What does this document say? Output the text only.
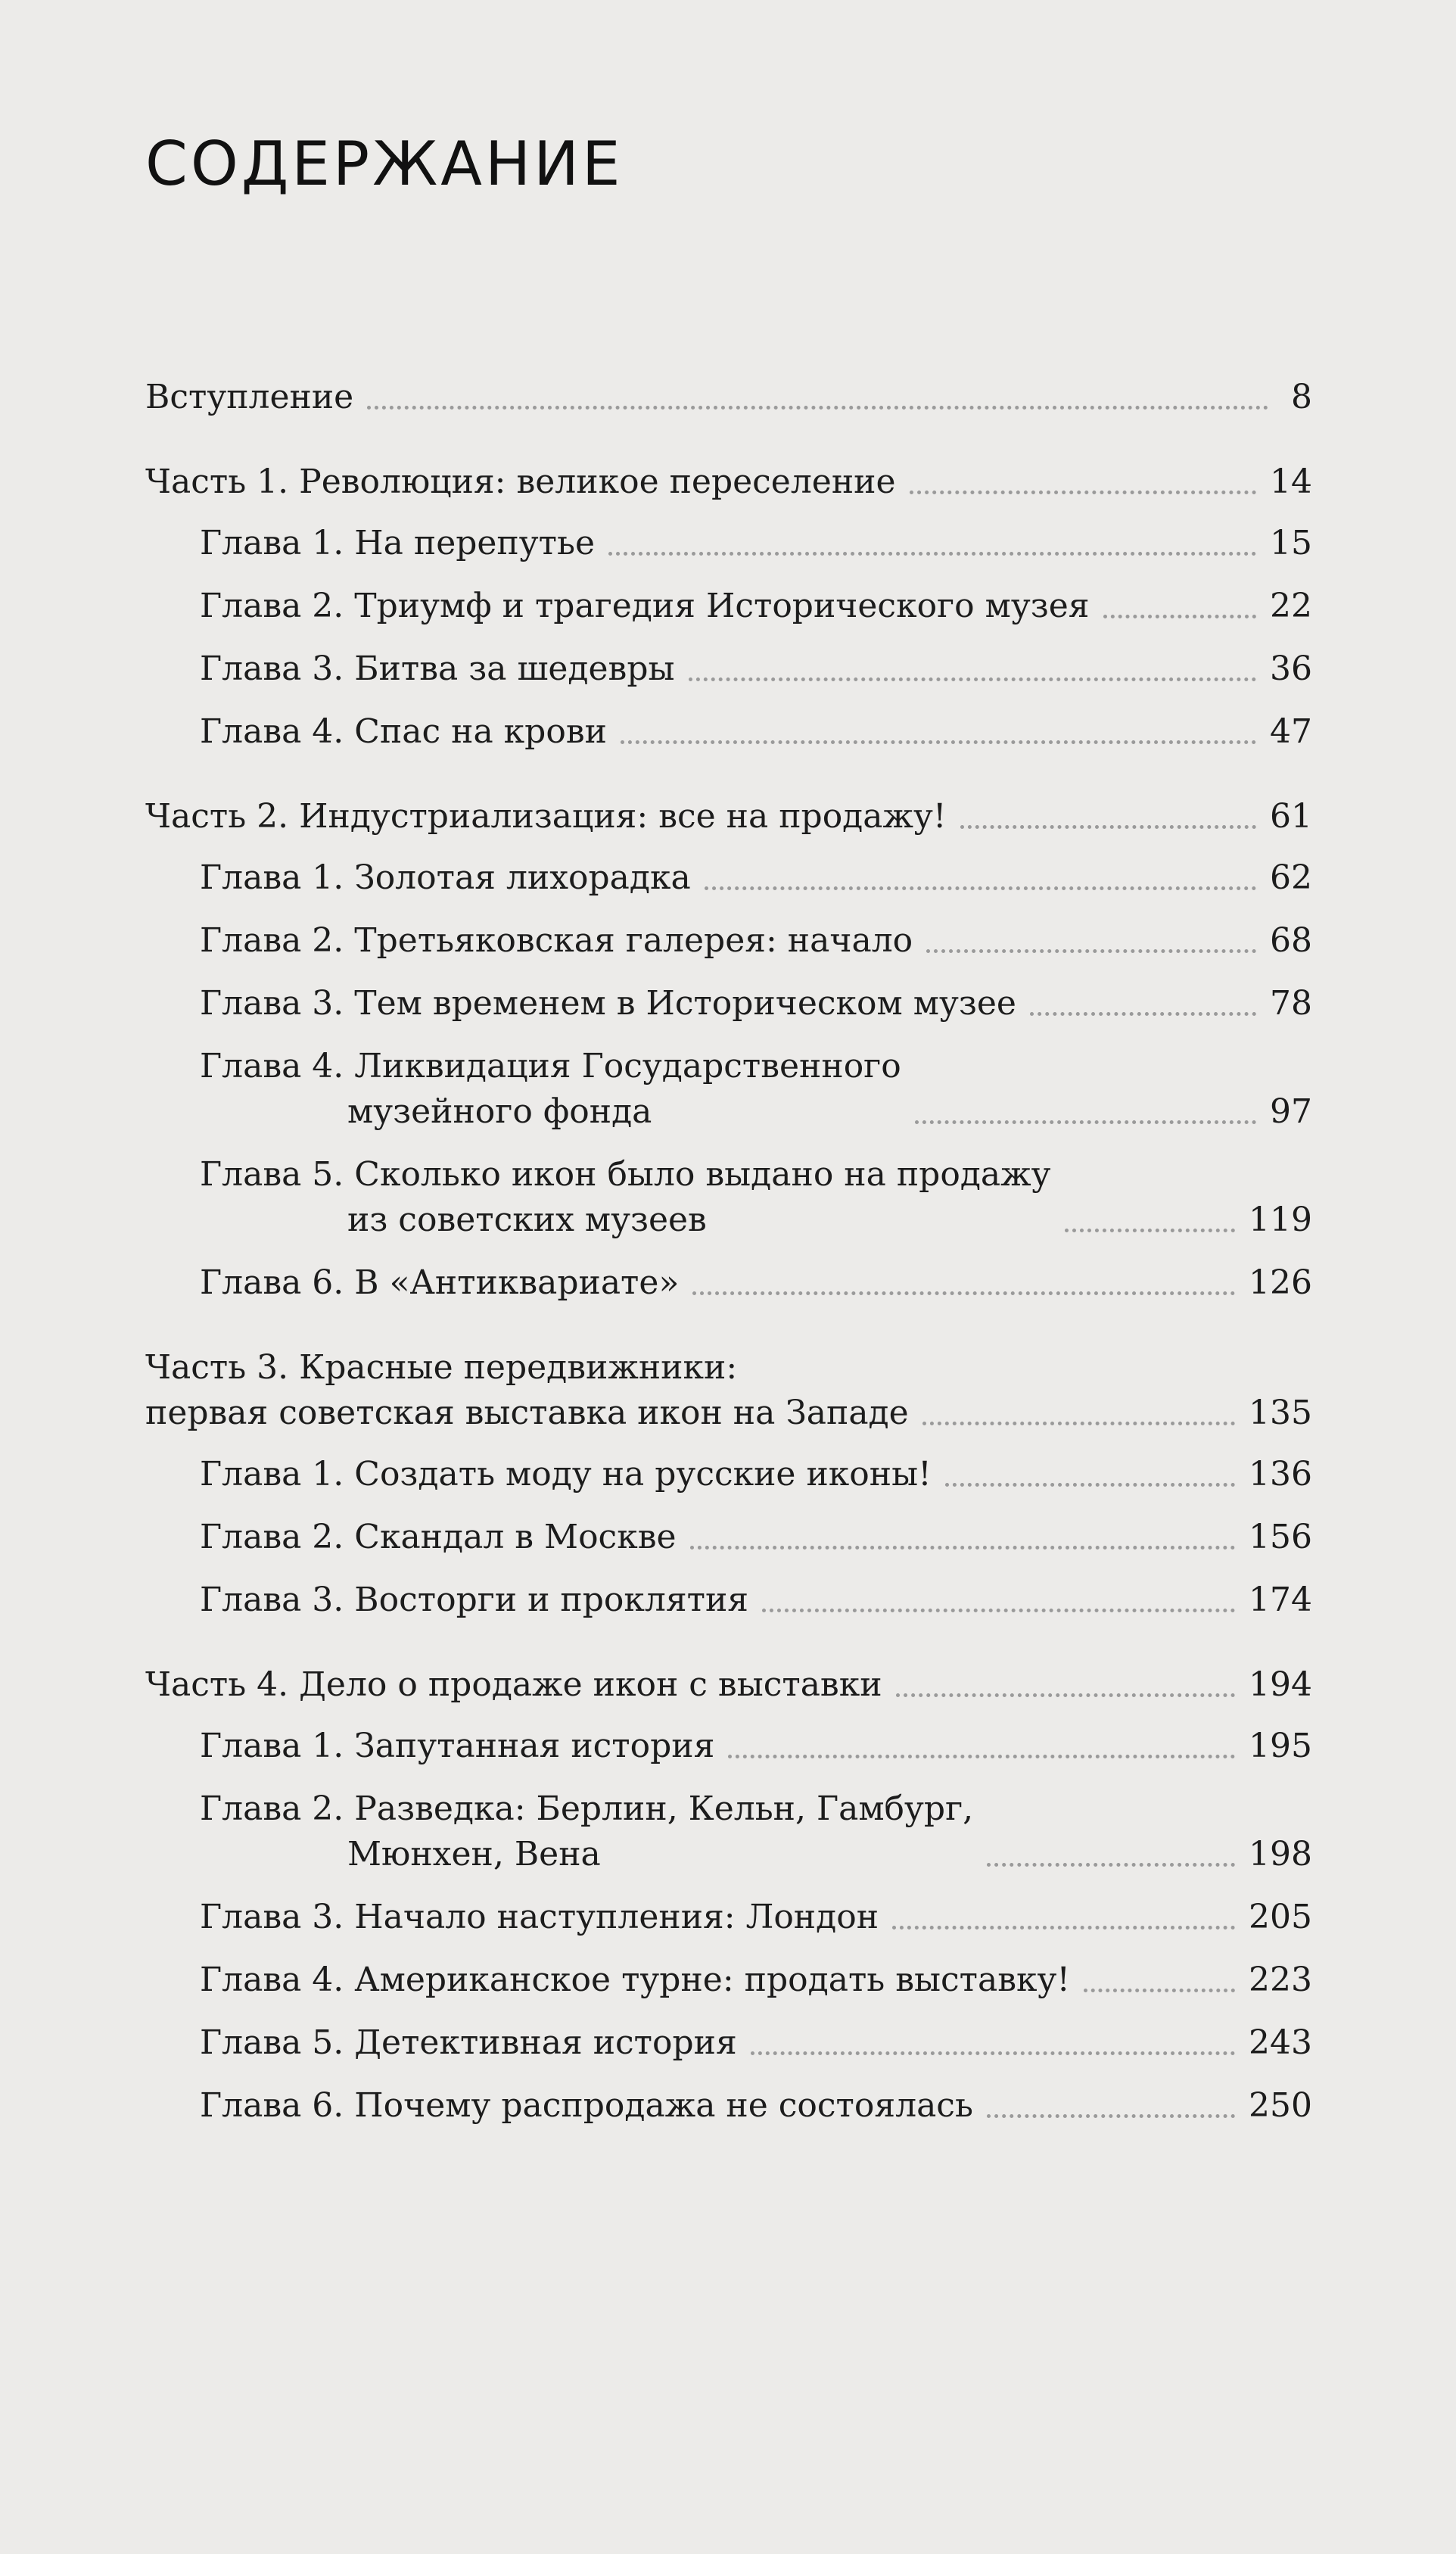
СОДЕРЖАНИЕ
Вступление	8
Часть 1. Революция: великое переселение	14
Глава 1. На перепутье	15
Глава 2. Триумф и трагедия Исторического музея	22
Глава 3. Битва за шедевры	36
Глава 4. Спас на крови	47
Часть 2. Индустриализация: все на продажу!	61
Глава 1. Золотая лихорадка	62
Глава 2. Третьяковская галерея: начало	68
Глава 3. Тем временем в Историческом музее	78
Глава 4. Ликвидация Государственного
музейного фонда	97
Глава 5. Сколько икон было выдано на продажу
из советских музеев	119
Глава 6. В «Антиквариате»	126
Часть 3. Красные передвижники:
первая советская выставка икон на Западе	135
Глава 1. Создать моду на русские иконы!	136
Глава 2. Скандал в Москве	156
Глава 3. Восторги и проклятия	174
Часть 4. Дело о продаже икон с выставки	194
Глава 1. Запутанная история	195
Глава 2. Разведка: Берлин, Кельн, Гамбург,
Мюнхен, Вена	198
Глава 3. Начало наступления: Лондон	205
Глава 4. Американское турне: продать выставку!	223
Глава 5. Детективная история	243
Глава 6. Почему распродажа не состоялась	250
